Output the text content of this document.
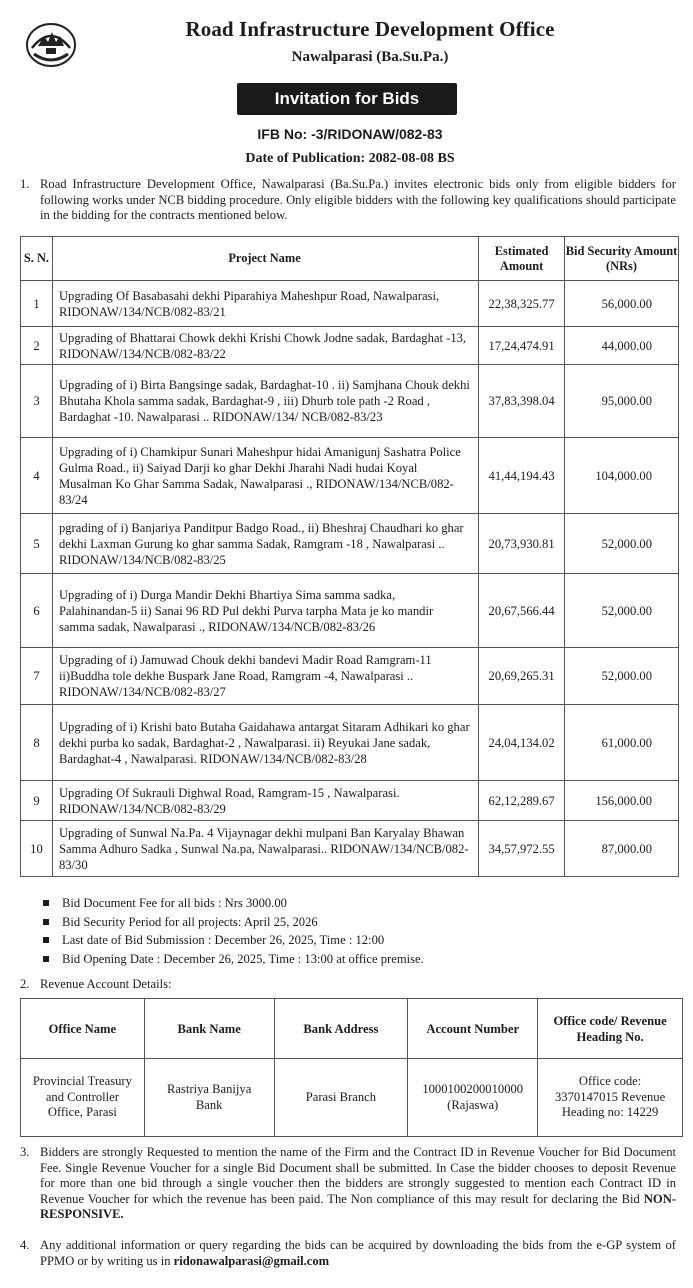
Road Infrastructure Development Office
Nawalparasi (Ba.Su.Pa.)
Invitation for Bids
IFB No: -3/RIDONAW/082-83
Date of Publication: 2082-08-08 BS
1. Road Infrastructure Development Office, Nawalparasi (Ba.Su.Pa.) invites electronic bids only from eligible bidders for following works under NCB bidding procedure. Only eligible bidders with the following key qualifications should participate in the bidding for the contracts mentioned below.
S. N.	Project Name	Estimated Amount	Bid Security Amount (NRs)
1	Upgrading Of Basabasahi dekhi Piparahiya Maheshpur Road, Nawalparasi, RIDONAW/134/NCB/082-83/21	22,38,325.77	56,000.00
2	Upgrading of Bhattarai Chowk dekhi Krishi Chowk Jodne sadak, Bardaghat -13, RIDONAW/134/NCB/082-83/22	17,24,474.91	44,000.00
3	Upgrading of i) Birta Bangsinge sadak, Bardaghat-10 . ii) Samjhana Chouk dekhi Bhutaha Khola samma sadak, Bardaghat-9 , iii) Dhurb tole path -2 Road , Bardaghat -10. Nawalparasi .. RIDONAW/134/ NCB/082-83/23	37,83,398.04	95,000.00
4	Upgrading of i) Chamkipur Sunari Maheshpur hidai Amanigunj Sashatra Police Gulma Road., ii) Saiyad Darji ko ghar Dekhi Jharahi Nadi hudai Koyal Musalman Ko Ghar Samma Sadak, Nawalparasi ., RIDONAW/134/NCB/082-83/24	41,44,194.43	104,000.00
5	pgrading of i) Banjariya Panditpur Badgo Road., ii) Bheshraj Chaudhari ko ghar dekhi Laxman Gurung ko ghar samma Sadak, Ramgram -18 , Nawalparasi .. RIDONAW/134/NCB/082-83/25	20,73,930.81	52,000.00
6	Upgrading of i) Durga Mandir Dekhi Bhartiya Sima samma sadka, Palahinandan-5 ii) Sanai 96 RD Pul dekhi Purva tarpha Mata je ko mandir samma sadak, Nawalparasi ., RIDONAW/134/NCB/082-83/26	20,67,566.44	52,000.00
7	Upgrading of i) Jamuwad Chouk dekhi bandevi Madir Road Ramgram-11 ii)Buddha tole dekhe Buspark Jane Road, Ramgram -4, Nawalparasi .. RIDONAW/134/NCB/082-83/27	20,69,265.31	52,000.00
8	Upgrading of i) Krishi bato Butaha Gaidahawa antargat Sitaram Adhikari ko ghar dekhi purba ko sadak, Bardaghat-2 , Nawalparasi. ii) Reyukai Jane sadak, Bardaghat-4 , Nawalparasi. RIDONAW/134/NCB/082-83/28	24,04,134.02	61,000.00
9	Upgrading Of Sukrauli Dighwal Road, Ramgram-15 , Nawalparasi. RIDONAW/134/NCB/082-83/29	62,12,289.67	156,000.00
10	Upgrading of Sunwal Na.Pa. 4 Vijaynagar dekhi mulpani Ban Karyalay Bhawan Samma Adhuro Sadka , Sunwal Na.pa, Nawalparasi.. RIDONAW/134/NCB/082-83/30	34,57,972.55	87,000.00
Bid Document Fee for all bids : Nrs 3000.00
Bid Security Period for all projects: April 25, 2026
Last date of Bid Submission : December 26, 2025, Time : 12:00
Bid Opening Date : December 26, 2025, Time : 13:00 at office premise.
2. Revenue Account Details:
Office Name	Bank Name	Bank Address	Account Number	Office code/ Revenue Heading No.
Provincial Treasury and Controller Office, Parasi	Rastriya Banijya Bank	Parasi Branch	1000100200010000 (Rajaswa)	Office code: 3370147015 Revenue Heading no: 14229
3. Bidders are strongly Requested to mention the name of the Firm and the Contract ID in Revenue Voucher for Bid Document Fee. Single Revenue Voucher for a single Bid Document shall be submitted. In Case the bidder chooses to deposit Revenue for more than one bid through a single voucher then the bidders are strongly suggested to mention each Contract ID in Revenue Voucher for which the revenue has been paid. The Non compliance of this may result for declaring the Bid NON-RESPONSIVE.
4. Any additional information or query regarding the bids can be acquired by downloading the bids from the e-GP system of PPMO or by writing us in ridonawalparasi@gmail.com
